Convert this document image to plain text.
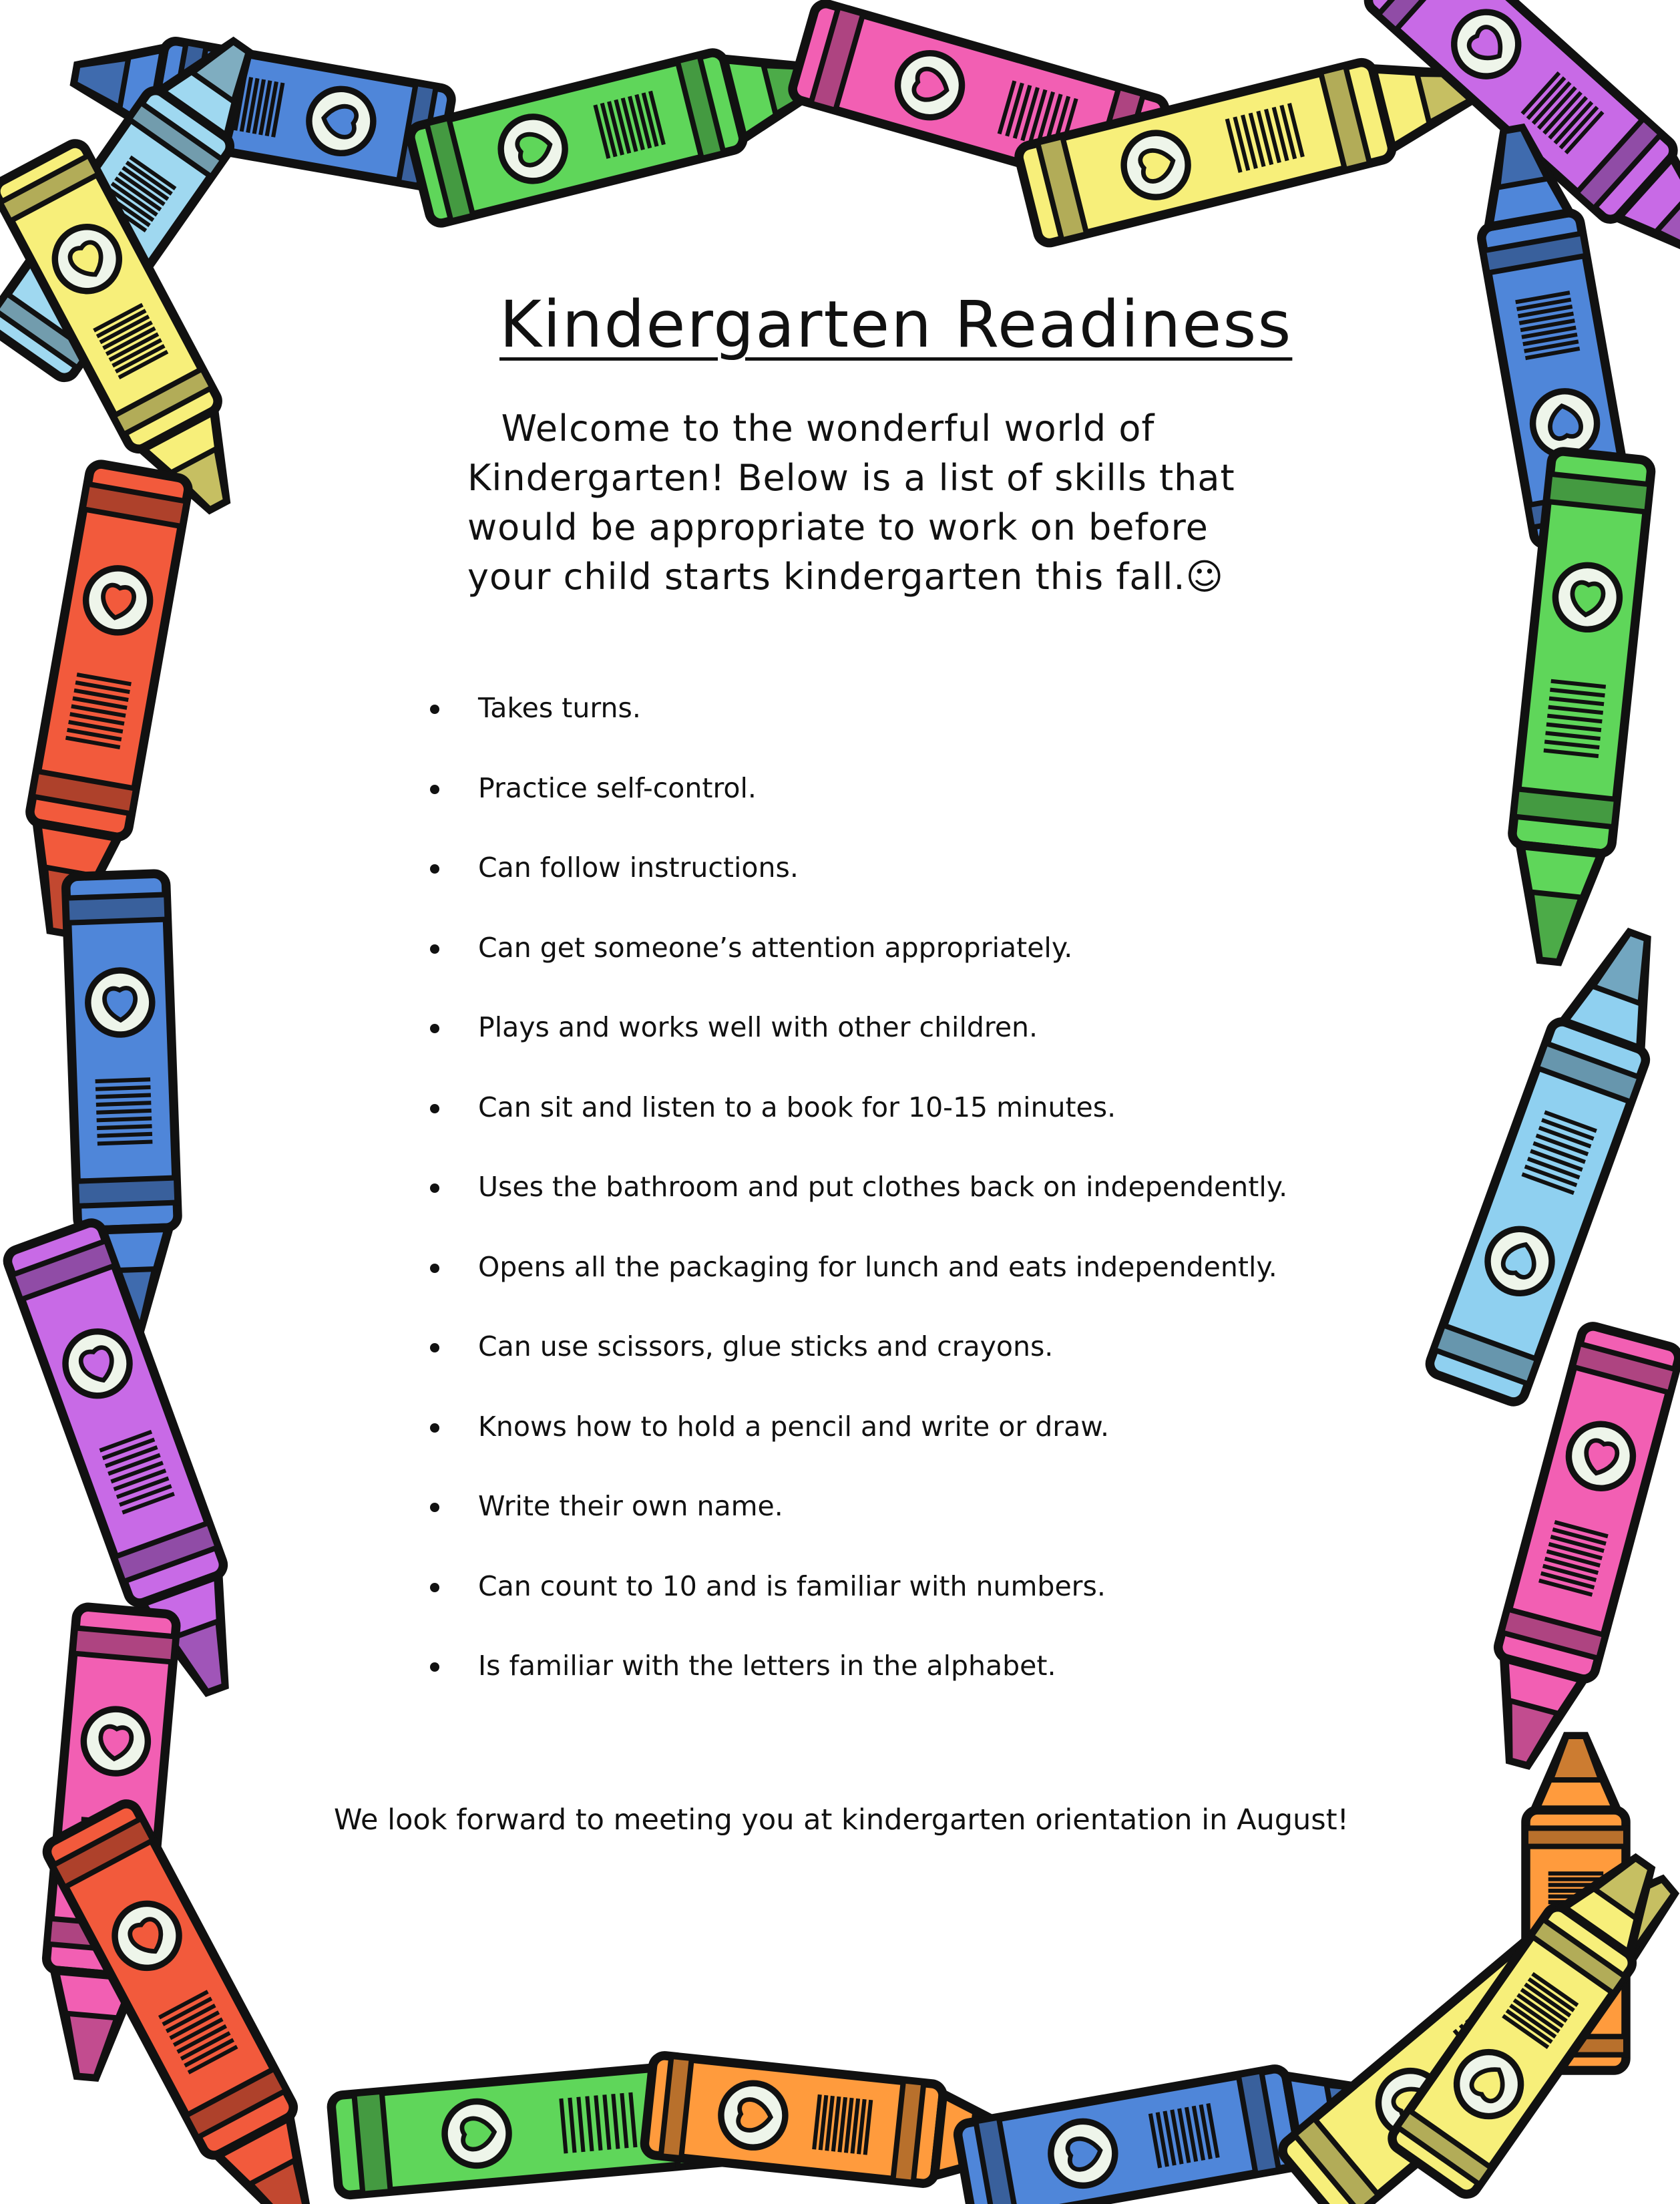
Kindergarten Readiness
Welcome to the wonderful world of
Kindergarten! Below is a list of skills that
would be appropriate to work on before
your child starts kindergarten this fall.☺
Takes turns.
Practice self-control.
Can follow instructions.
Can get someone’s attention appropriately.
Plays and works well with other children.
Can sit and listen to a book for 10-15 minutes.
Uses the bathroom and put clothes back on independently.
Opens all the packaging for lunch and eats independently.
Can use scissors, glue sticks and crayons.
Knows how to hold a pencil and write or draw.
Write their own name.
Can count to 10 and is familiar with numbers.
Is familiar with the letters in the alphabet.
We look forward to meeting you at kindergarten orientation in August!
